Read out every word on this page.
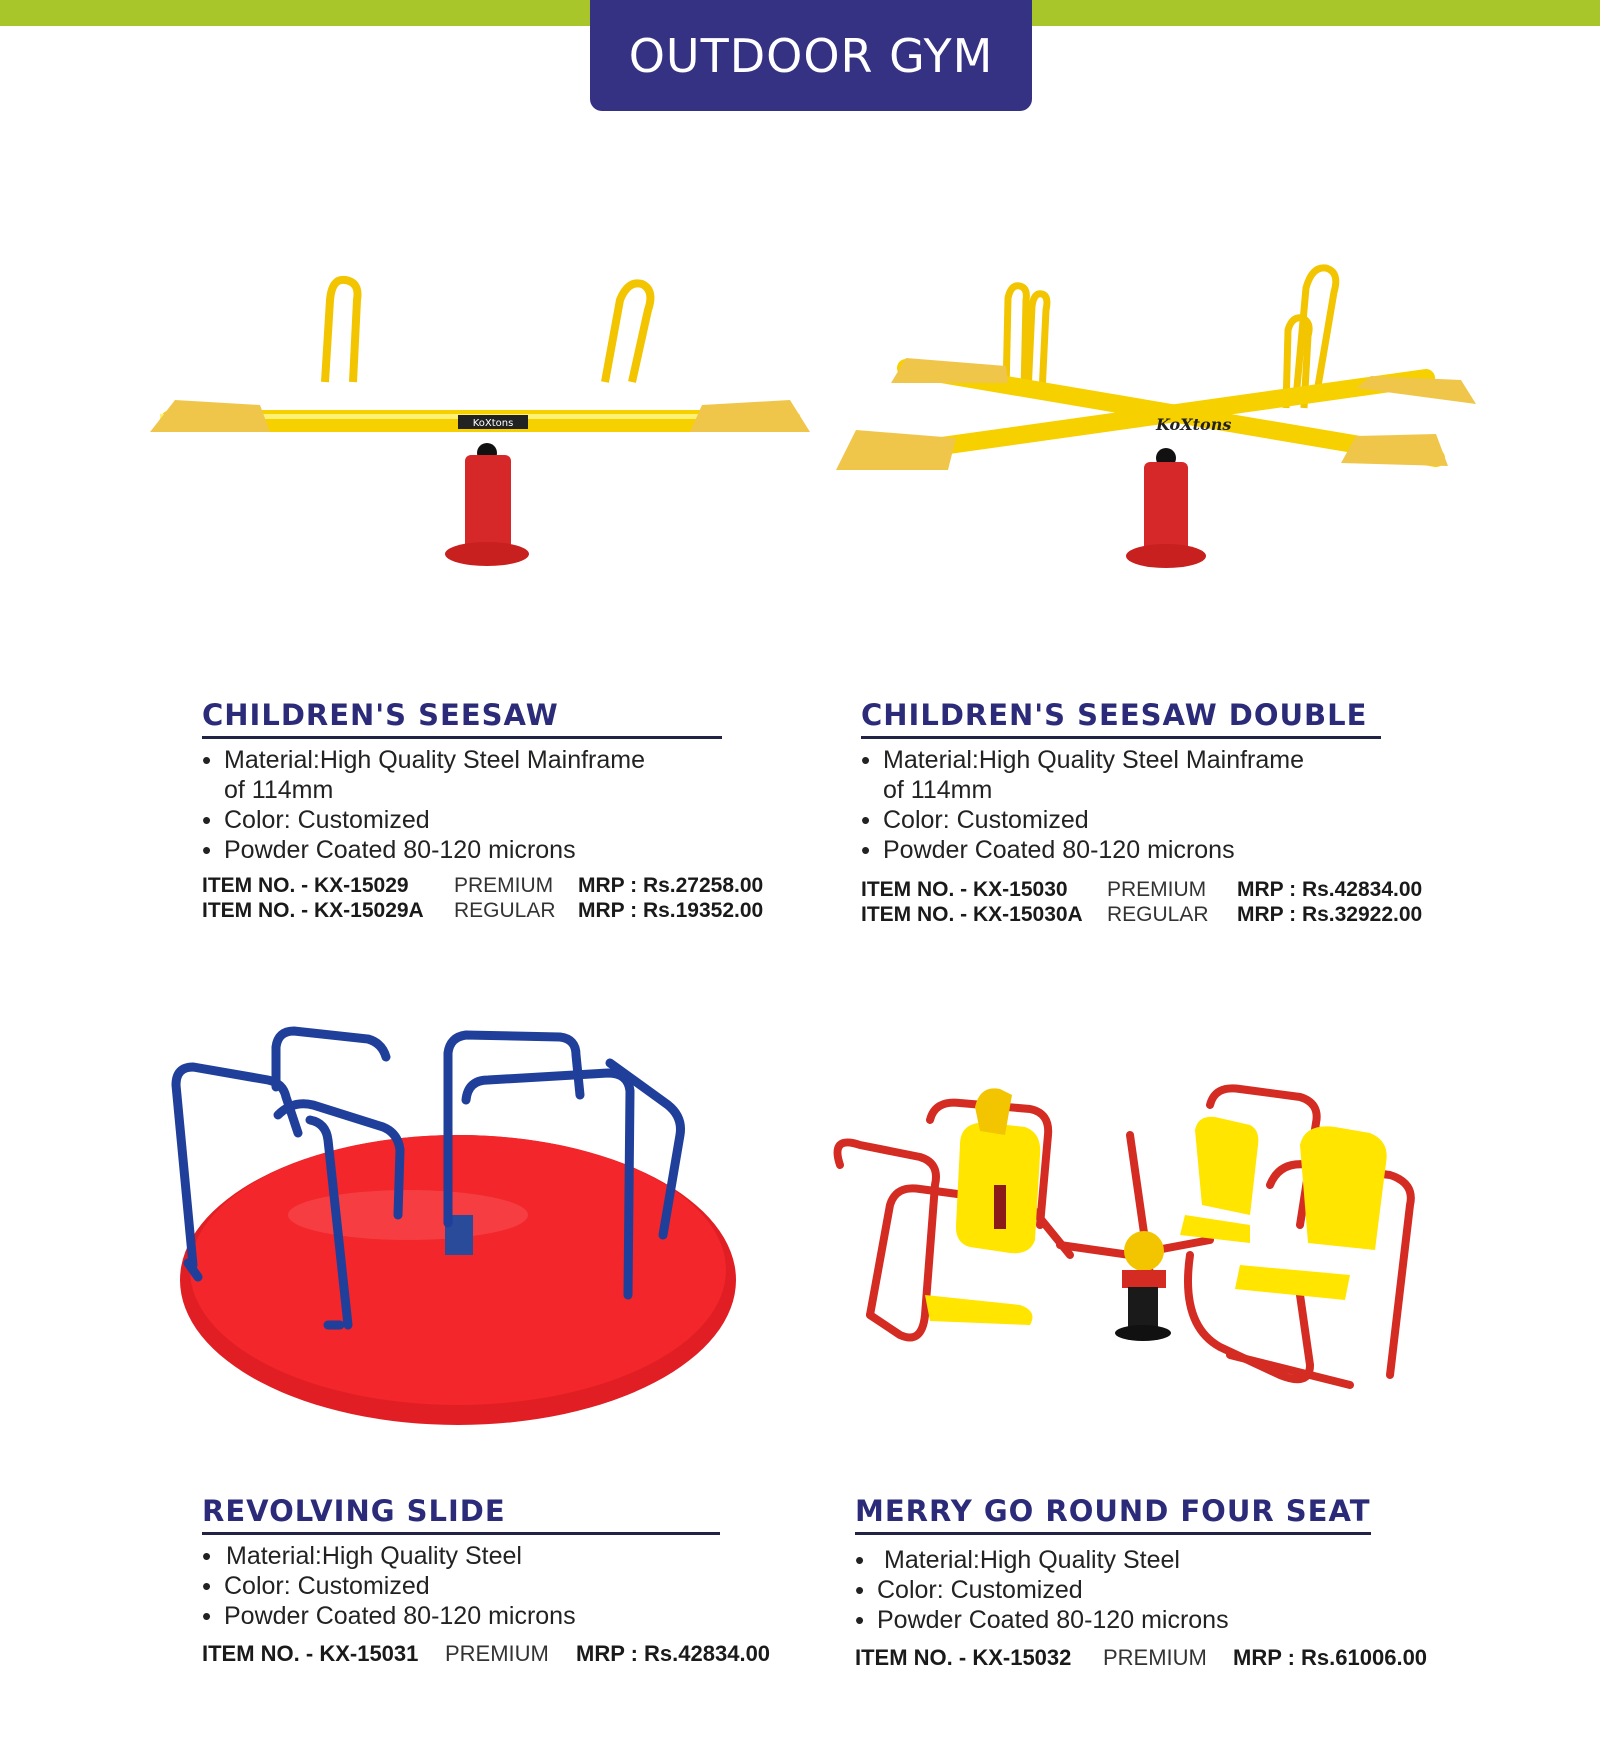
OUTDOOR GYM
KoXtons	KoXtons
CHILDREN'S SEESAW
• Material:High Quality Steel Mainframe
of 114mm
• Color: Customized
• Powder Coated 80-120 microns
ITEM NO. - KX-15029	PREMIUM	MRP : Rs.27258.00
ITEM NO. - KX-15029A	REGULAR	MRP : Rs.19352.00
CHILDREN'S SEESAW DOUBLE
• Material:High Quality Steel Mainframe
of 114mm
• Color: Customized
• Powder Coated 80-120 microns
ITEM NO. - KX-15030	PREMIUM	MRP : Rs.42834.00
ITEM NO. - KX-15030A	REGULAR	MRP : Rs.32922.00
REVOLVING SLIDE
• Material:High Quality Steel
• Color: Customized
• Powder Coated 80-120 microns
ITEM NO. - KX-15031	PREMIUM	MRP : Rs.42834.00
MERRY GO ROUND FOUR SEAT
• Material:High Quality Steel
• Color: Customized
• Powder Coated 80-120 microns
ITEM NO. - KX-15032	PREMIUM	MRP : Rs.61006.00
